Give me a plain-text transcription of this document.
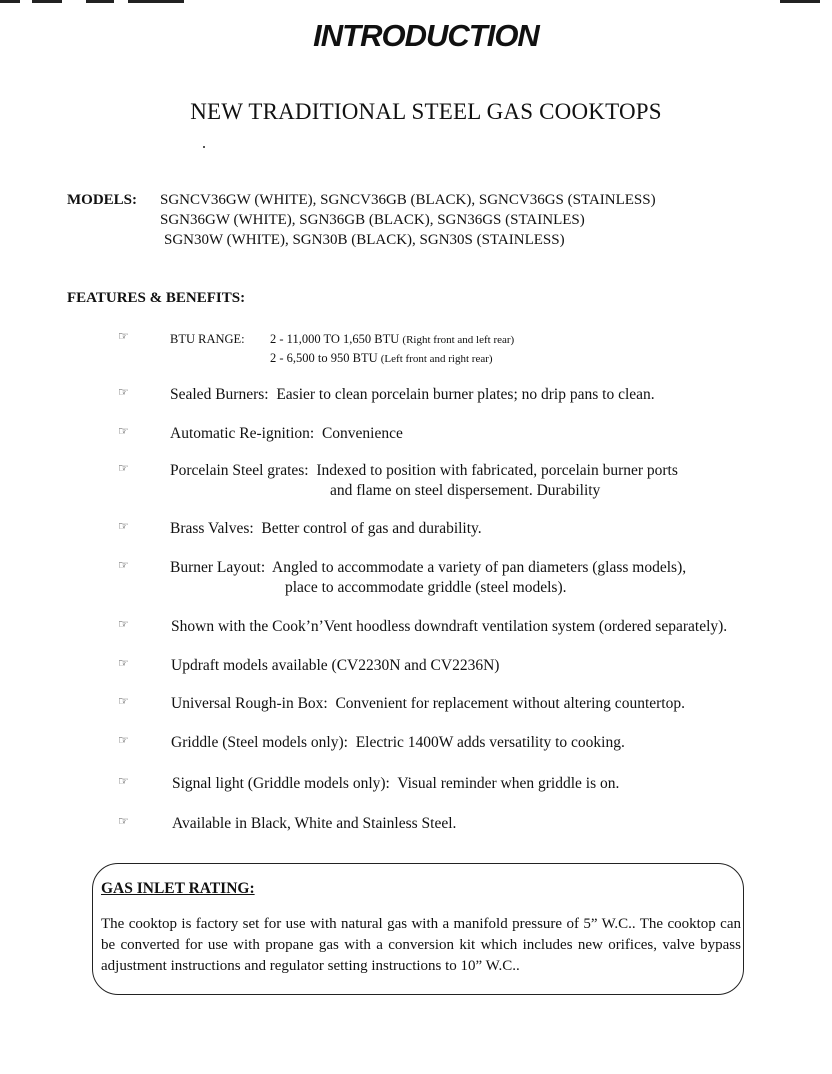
INTRODUCTION
NEW TRADITIONAL STEEL GAS COOKTOPS
MODELS: SGNCV36GW (WHITE), SGNCV36GB (BLACK), SGNCV36GS (STAINLESS)
SGN36GW (WHITE), SGN36GB (BLACK), SGN36GS (STAINLES)
SGN30W (WHITE), SGN30B (BLACK), SGN30S (STAINLESS)
FEATURES & BENEFITS:
☞	BTU RANGE: 2 - 11,000 TO 1,650 BTU (Right front and left rear)
2 - 6,500 to 950 BTU (Left front and right rear)
☞	Sealed Burners: Easier to clean porcelain burner plates; no drip pans to clean.
☞	Automatic Re-ignition: Convenience
☞	Porcelain Steel grates: Indexed to position with fabricated, porcelain burner ports
and flame on steel dispersement. Durability
☞	Brass Valves: Better control of gas and durability.
☞	Burner Layout: Angled to accommodate a variety of pan diameters (glass models),
place to accommodate griddle (steel models).
☞	Shown with the Cook’n’Vent hoodless downdraft ventilation system (ordered separately).
☞	Updraft models available (CV2230N and CV2236N)
☞	Universal Rough-in Box: Convenient for replacement without altering countertop.
☞	Griddle (Steel models only): Electric 1400W adds versatility to cooking.
☞	Signal light (Griddle models only): Visual reminder when griddle is on.
☞	Available in Black, White and Stainless Steel.

GAS INLET RATING:

The cooktop is factory set for use with natural gas with a manifold pressure of 5” W.C.. The cooktop can be converted for use with propane gas with a conversion kit which includes new orifices, valve bypass adjustment instructions and regulator setting instructions to 10” W.C..
